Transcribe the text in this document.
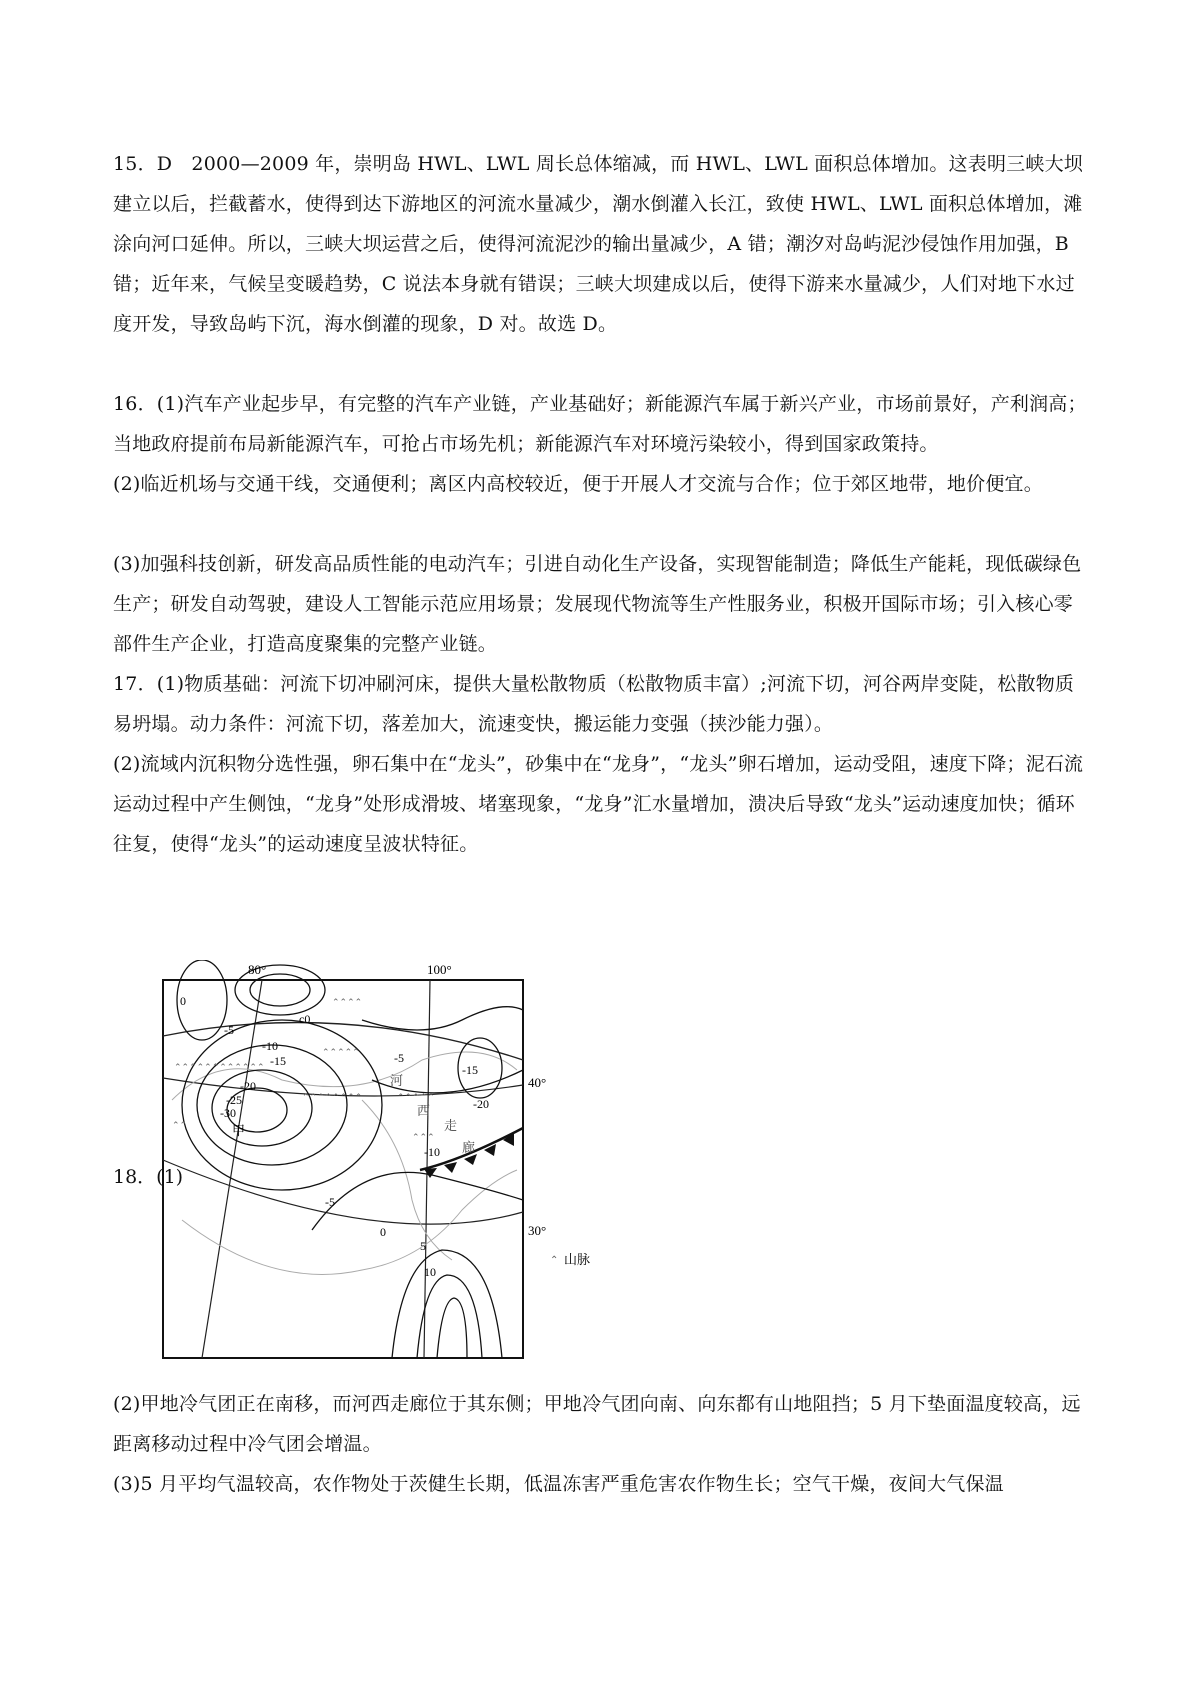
15．D　2000—2009 年，崇明岛 HWL、LWL 周长总体缩减，而 HWL、LWL 面积总体增加。这表明三峡大坝建立以后，拦截蓄水，使得到达下游地区的河流水量减少，潮水倒灌入长江，致使 HWL、LWL 面积总体增加，滩涂向河口延伸。所以，三峡大坝运营之后，使得河流泥沙的输出量减少，A 错；潮汐对岛屿泥沙侵蚀作用加强，B 错；近年来，气候呈变暖趋势，C 说法本身就有错误；三峡大坝建成以后，使得下游来水量减少，人们对地下水过度开发，导致岛屿下沉，海水倒灌的现象，D 对。故选 D。

16．(1)汽车产业起步早，有完整的汽车产业链，产业基础好；新能源汽车属于新兴产业，市场前景好，产利润高；当地政府提前布局新能源汽车，可抢占市场先机；新能源汽车对环境污染较小，得到国家政策持。

(2)临近机场与交通干线，交通便利；离区内高校较近，便于开展人才交流与合作；位于郊区地带，地价便宜。

(3)加强科技创新，研发高品质性能的电动汽车；引进自动化生产设备，实现智能制造；降低生产能耗，现低碳绿色生产；研发自动驾驶，建设人工智能示范应用场景；发展现代物流等生产性服务业，积极开国际市场；引入核心零部件生产企业，打造高度聚集的完整产业链。

17．(1)物质基础：河流下切冲刷河床，提供大量松散物质（松散物质丰富）;河流下切，河谷两岸变陡，松散物质易坍塌。动力条件：河流下切，落差加大，流速变快，搬运能力变强（挟沙能力强）。

(2)流域内沉积物分选性强，卵石集中在“龙头”，砂集中在“龙身”，“龙头”卵石增加，运动受阻，速度下降；泥石流运动过程中产生侧蚀，“龙身”处形成滑坡、堵塞现象，“龙身”汇水量增加，溃决后导致“龙头”运动速度加快；循环往复，使得“龙头”的运动速度呈波状特征。

18．(1)
⌃⌃⌃⌃⌃⌃⌃⌃⌃⌃⌃⌃
⌃⌃
⌃⌃⌃⌃⌃
⌃⌃⌃⌃⌃⌃⌃⌃
⌃⌃⌃⌃
⌃⌃⌃⌃⌃
⌃⌃⌃
80°	100°
40°
30°
0
-5
c0
-10
-15
-20
-25
-30
-5
-15
-20
-10
-5
0
5
10
甲
河
西
走
廊
⌃ 山脉

(2)甲地冷气团正在南移，而河西走廊位于其东侧；甲地冷气团向南、向东都有山地阻挡；5 月下垫面温度较高，远距离移动过程中冷气团会增温。

(3)5 月平均气温较高，农作物处于茨健生长期，低温冻害严重危害农作物生长；空气干燥，夜间大气保温
